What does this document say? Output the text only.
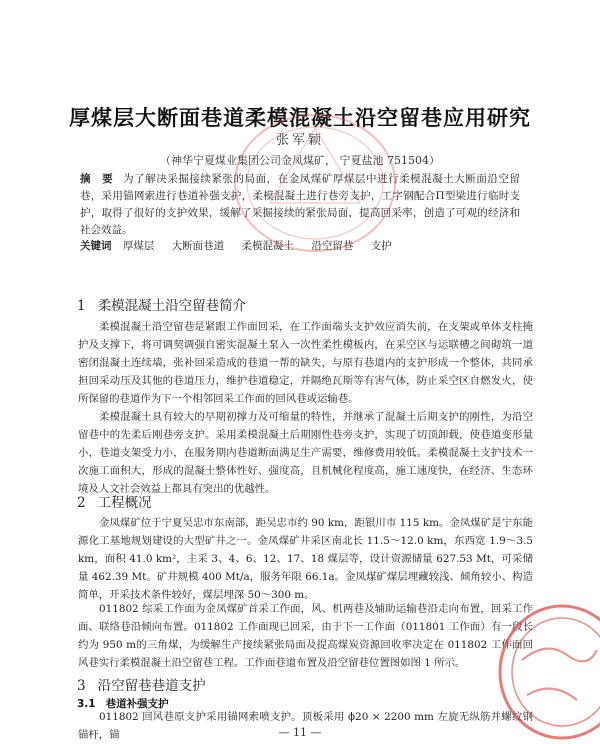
厚煤层大断面巷道柔模混凝土沿空留巷应用研究
张军颖
（神华宁夏煤业集团公司金凤煤矿， 宁夏盐池 751504）

摘　要 为了解决采掘接续紧张的局面，在金凤煤矿厚煤层中进行柔模混凝土大断面沿空留巷，采用锚网索进行巷道补强支护，柔模混凝土进行巷旁支护，工字钢配合Π型梁进行临时支护，取得了很好的支护效果，缓解了采掘接续的紧张局面，提高回采率，创造了可观的经济和社会效益。

关键词 厚煤层 大断面巷道 柔模混凝土 沿空留巷 支护
1 柔模混凝土沿空留巷简介

柔模混凝土沿空留巷是紧跟工作面回采，在工作面端头支护效应消失前，在支架或单体支柱掩护及支撑下，将可调契调强自密实混凝土泵入一次性柔性模板内，在采空区与运联槽之间砌筑一道密闭混凝土连续墙，张补回采造成的巷道一帮的缺失，与原有巷道内的支护形成一个整体，共同承担回采动压及其他的巷道压力，维护巷道稳定，并隔绝瓦斯等有害气体，防止采空区自燃发火，使所保留的巷道作为下一个相邻回采工作面的回风巷或运输巷。

柔模混凝土具有较大的早期初撑力及可缩量的特性，并继承了混凝土后期支护的刚性，为沿空留巷中的先柔后刚巷旁支护。采用柔模混凝土后期刚性巷旁支护，实现了切顶卸载，使巷道变形量小，巷道支架受力小，在服务期内巷道断面满足生产需要，维修费用较低。柔模混凝土支护技术一次施工面积大，形成的混凝土整体性好、强度高，且机械化程度高，施工速度快，在经济、生态环境及人文社会效益上都具有突出的优越性。

2 工程概况

金凤煤矿位于宁夏吴忠市东南部，距吴忠市约 90 km，距银川市 115 km。金凤煤矿是宁东能源化工基地规划建设的大型矿井之一。金凤煤矿井采区南北长 11.5～12.0 km，东西宽 1.9～3.5 km，面积 41.0 km²，主采 3、4、6、12、17、18 煤层等，设计资源储量 627.53 Mt，可采储量 462.39 Mt。矿井规模 400 Mt/a，服务年限 66.1a。金凤煤矿煤层埋藏较浅、倾角较小、构造简单，开采技术条件较好，煤层埋深 50～300 m。

011802 综采工作面为金凤煤矿首采工作面，风、机两巷及辅助运输巷沿走向布置，回采工作面、联络巷沿倾向布置。011802 工作面现已回采，由于下一工作面（011801 工作面）有一段长约为 950 m的三角煤，为缓解生产接续紧张局面及提高煤炭资源回收率决定在 011802 工作面回风巷实行柔模混凝土沿空留巷工程。工作面巷道布置及沿空留巷位置图如图 1 所示。

3 沿空留巷巷道支护
3.1 巷道补强支护

011802 回风巷原支护采用锚网索喷支护。顶板采用 ϕ20 × 2200 mm 左旋无纵筋并螺纹钢锚杆，锚	— 11 —
